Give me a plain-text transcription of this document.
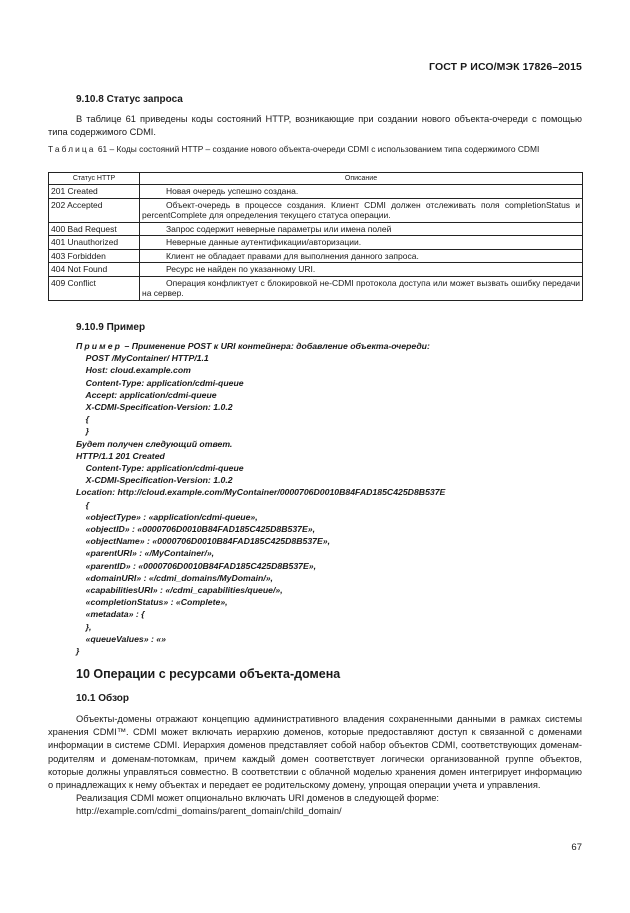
ГОСТ Р ИСО/МЭК 17826–2015
9.10.8 Статус запроса
В таблице 61 приведены коды состояний HTTP, возникающие при создании нового объекта-очереди с помощью типа содержимого CDMI.
Таблица 61 – Коды состояний HTTP – создание нового объекта-очереди CDMI с использованием типа содержимого CDMI
Статус HTTP	Описание
201 Created	Новая очередь успешно создана.
202 Accepted	Объект-очередь в процессе создания. Клиент CDMI должен отслеживать поля completionStatus и percentComplete для определения текущего статуса операции.
400 Bad Request	Запрос содержит неверные параметры или имена полей
401 Unauthorized	Неверные данные аутентификации/авторизации.
403 Forbidden	Клиент не обладает правами для выполнения данного запроса.
404 Not Found	Ресурс не найден по указанному URI.
409 Conflict	Операция конфликтует с блокировкой не-CDMI протокола доступа или может вызвать ошибку передачи на сервер.
9.10.9 Пример
Пример – Применение POST к URI контейнера: добавление объекта-очереди:
POST /MyContainer/ HTTP/1.1
Host: cloud.example.com
Content-Type: application/cdmi-queue
Accept: application/cdmi-queue
X-CDMI-Specification-Version: 1.0.2
{
}
Будет получен следующий ответ.
HTTP/1.1 201 Created
Content-Type: application/cdmi-queue
X-CDMI-Specification-Version: 1.0.2
Location: http://cloud.example.com/MyContainer/0000706D0010B84FAD185C425D8B537E
{
«objectType» : «application/cdmi-queue»,
«objectID» : «0000706D0010B84FAD185C425D8B537E»,
«objectName» : «0000706D0010B84FAD185C425D8B537E»,
«parentURI» : «/MyContainer/»,
«parentID» : «0000706D0010B84FAD185C425D8B537E»,
«domainURI» : «/cdmi_domains/MyDomain/»,
«capabilitiesURI» : «/cdmi_capabilities/queue/»,
«completionStatus» : «Complete»,
«metadata» : {
},
«queueValues» : «»
}
10 Операции с ресурсами объекта-домена
10.1 Обзор
Объекты-домены отражают концепцию административного владения сохраненными данными в рамках системы хранения CDMI™. CDMI может включать иерархию доменов, которые предоставляют доступ к связанной с доменами информации в системе CDMI. Иерархия доменов представляет собой набор объектов CDMI, соответствующих доменам-родителям и доменам-потомкам, причем каждый домен соответствует логически организованной группе объектов, которые должны управляться совместно. В соответствии с облачной моделью хранения домен интегрирует информацию о принадлежащих к нему объектах и передает ее родительскому домену, упрощая операции учета и управления.
Реализация CDMI может опционально включать URI доменов в следующей форме:
http://example.com/cdmi_domains/parent_domain/child_domain/
67
